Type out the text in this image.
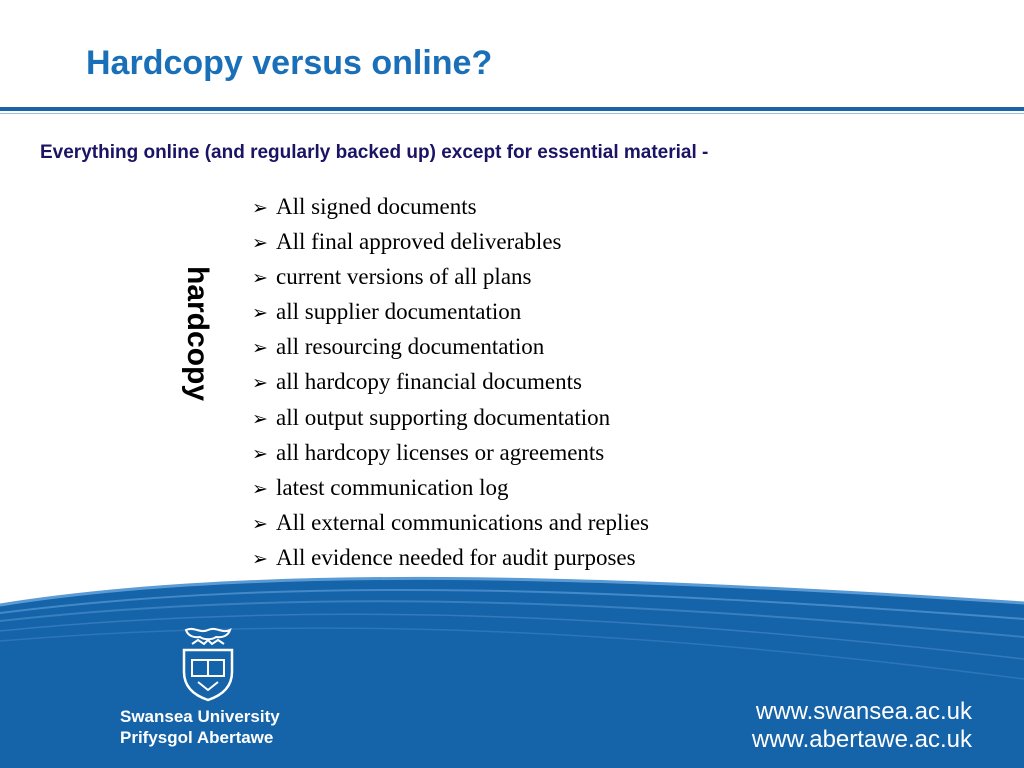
Hardcopy versus online?
Everything online (and regularly backed up) except for essential material -
hardcopy
➢ All signed documents
➢ All final approved deliverables
➢ current versions of all plans
➢ all supplier documentation
➢ all resourcing documentation
➢ all hardcopy financial documents
➢ all output supporting documentation
➢ all hardcopy licenses or agreements
➢ latest communication log
➢ All external communications and replies
➢ All evidence needed for audit purposes
Swansea University
Prifysgol Abertawe
www.swansea.ac.uk
www.abertawe.ac.uk
